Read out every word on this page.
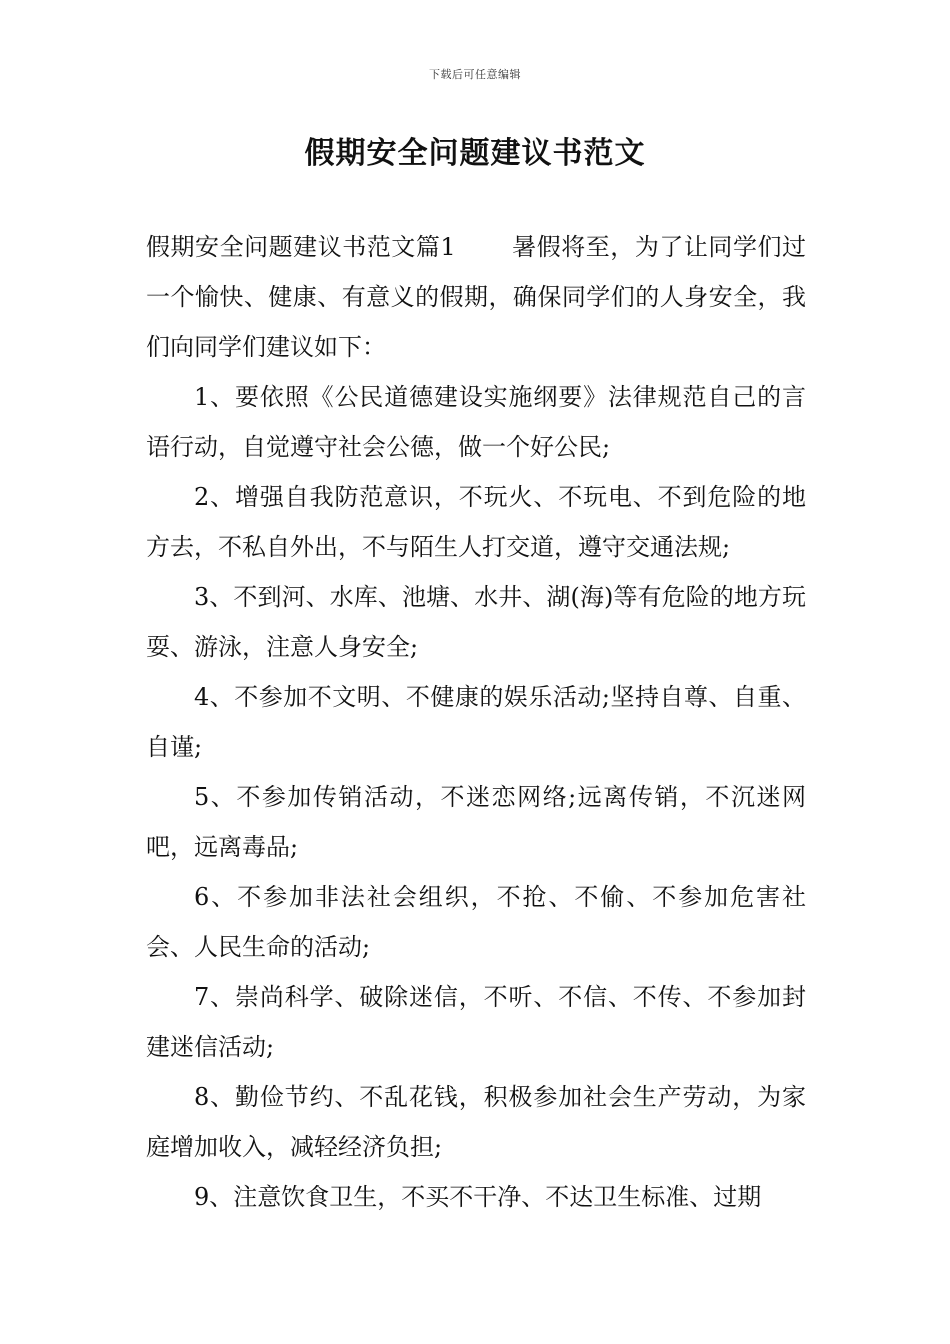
下载后可任意编辑
假期安全问题建议书范文

假期安全问题建议书范文篇1 暑假将至，为了让同学们过一个愉快、健康、有意义的假期，确保同学们的人身安全，我们向同学们建议如下：

1、要依照《公民道德建设实施纲要》法律规范自己的言语行动，自觉遵守社会公德，做一个好公民;

2、增强自我防范意识，不玩火、不玩电、不到危险的地方去，不私自外出，不与陌生人打交道，遵守交通法规;

3、不到河、水库、池塘、水井、湖(海)等有危险的地方玩耍、游泳，注意人身安全;

4、不参加不文明、不健康的娱乐活动;坚持自尊、自重、自谨;

5、不参加传销活动，不迷恋网络;远离传销，不沉迷网吧，远离毒品;

6、不参加非法社会组织，不抢、不偷、不参加危害社会、人民生命的活动;

7、崇尚科学、破除迷信，不听、不信、不传、不参加封建迷信活动;

8、勤俭节约、不乱花钱，积极参加社会生产劳动，为家庭增加收入，减轻经济负担;

9、注意饮食卫生，不买不干净、不达卫生标准、过期
